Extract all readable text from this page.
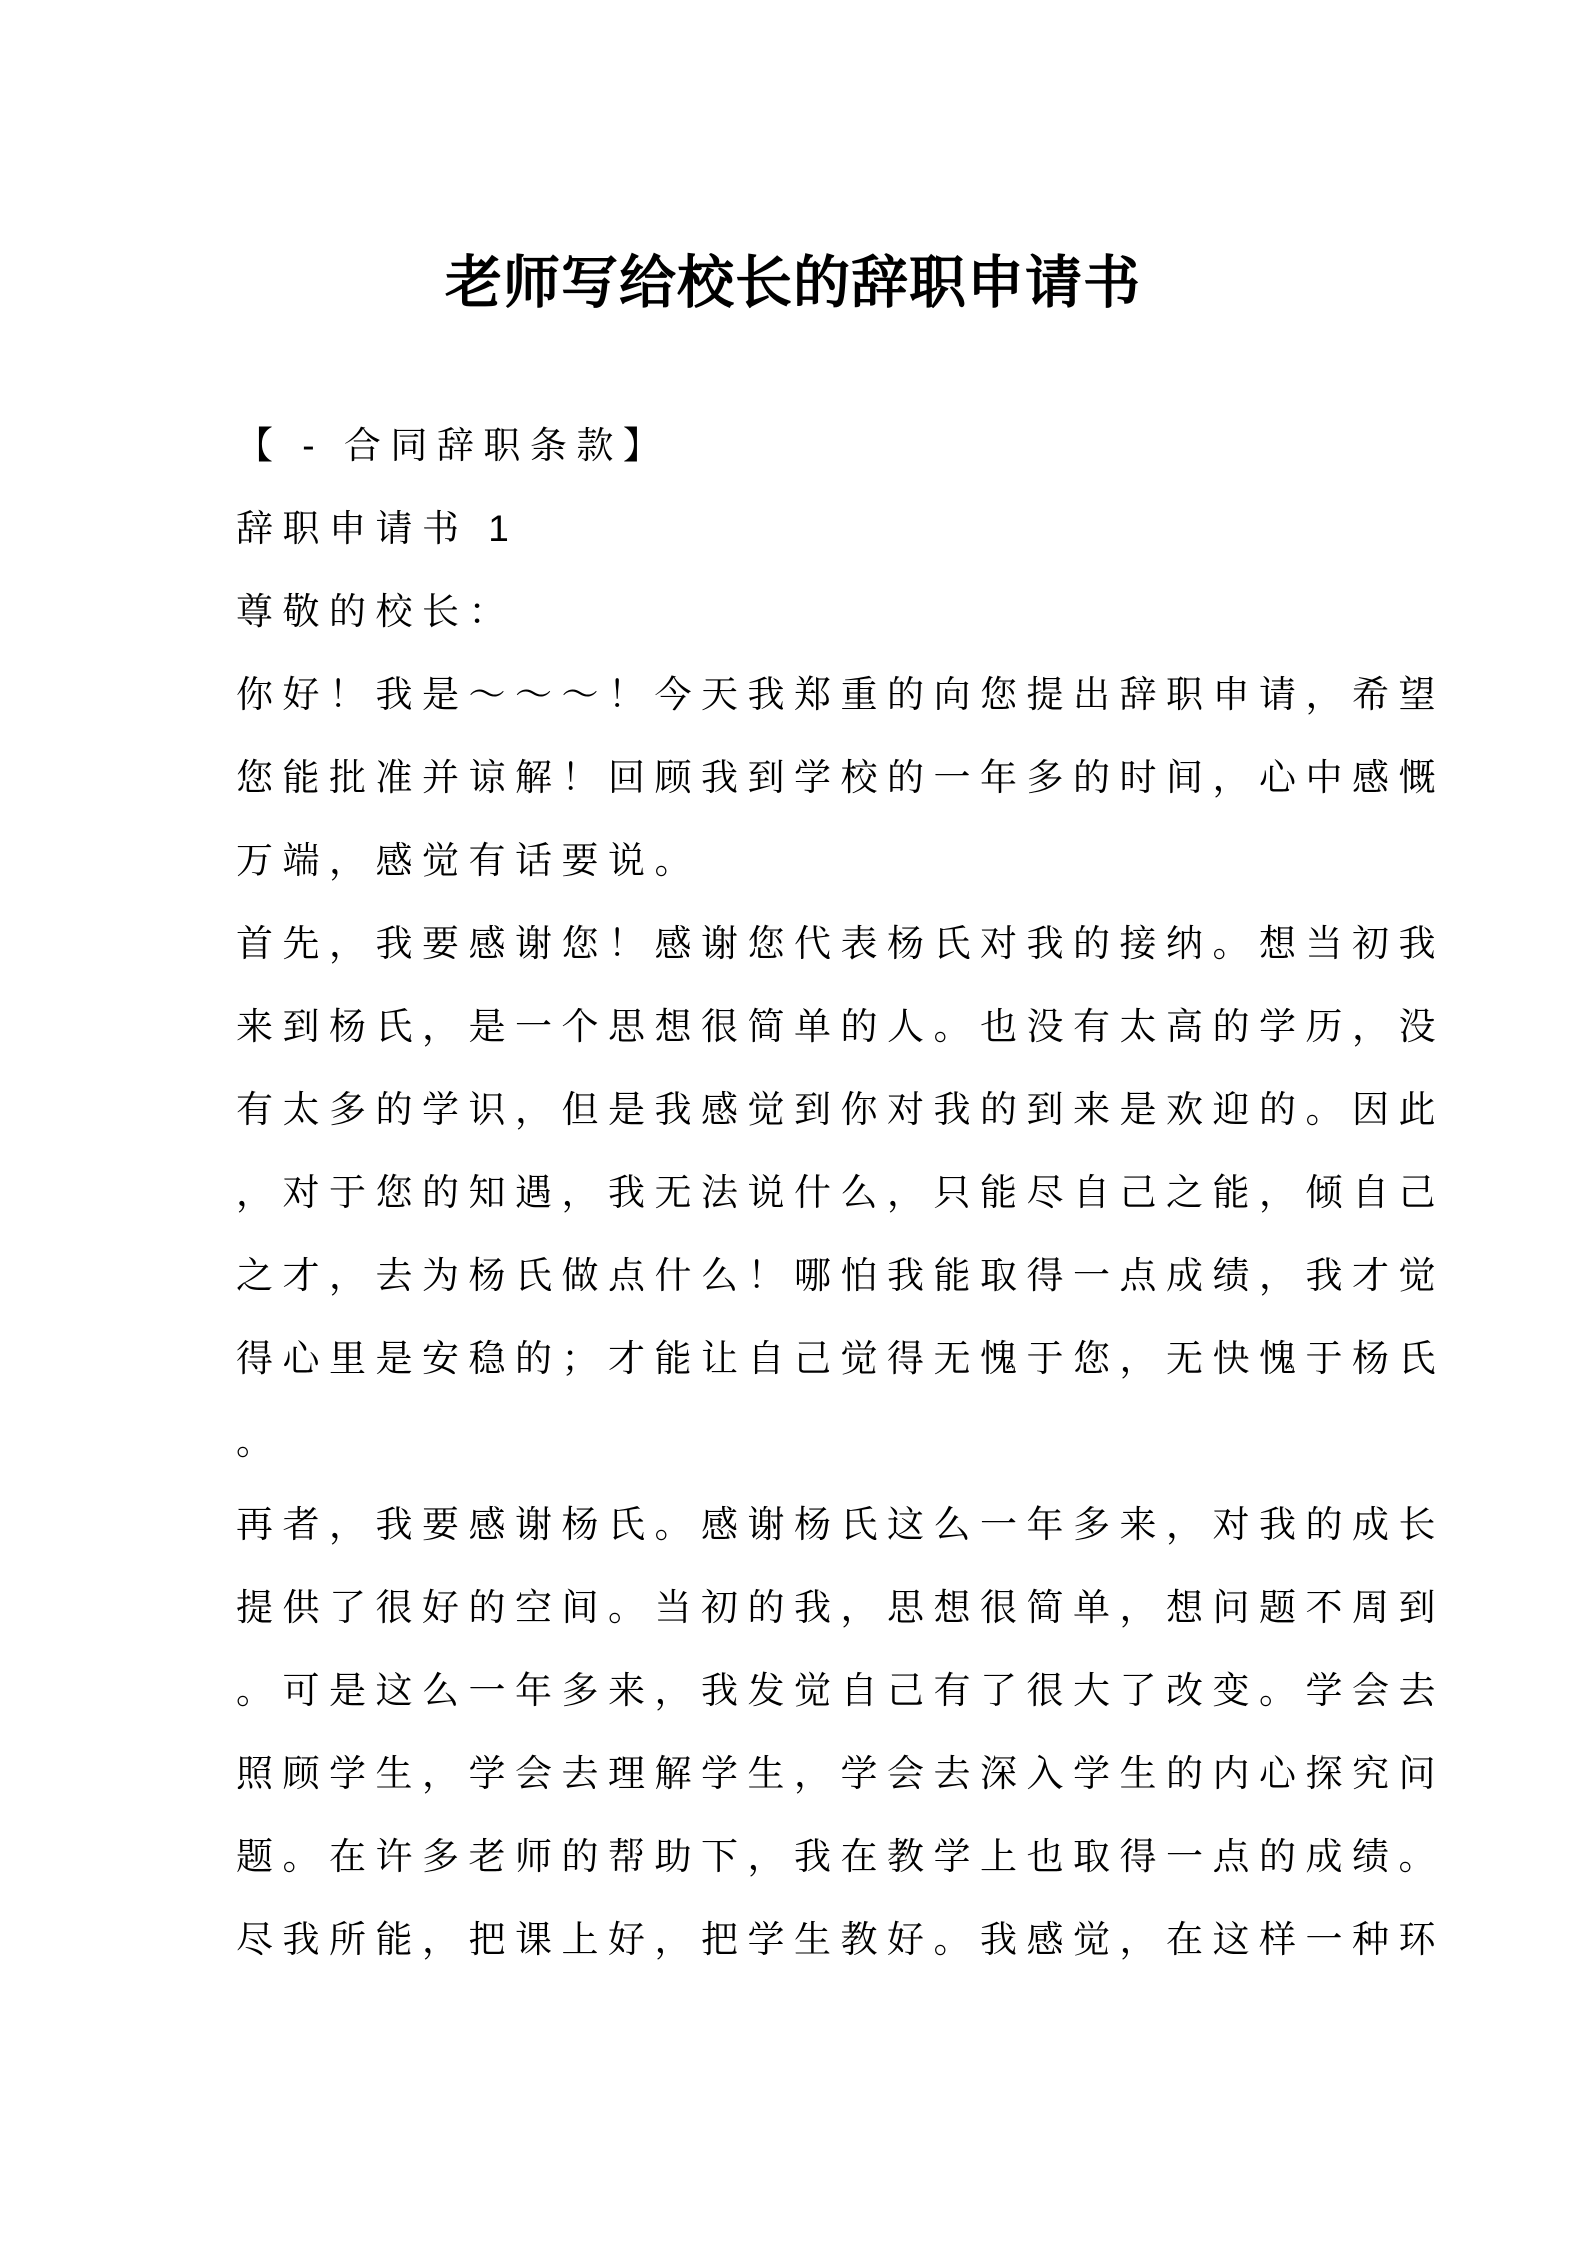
老师写给校长的辞职申请书
【 - 合同辞职条款】
辞职申请书 1
尊敬的校长：
你好！我是～～～！今天我郑重的向您提出辞职申请，希望
您能批准并谅解！回顾我到学校的一年多的时间，心中感慨
万端，感觉有话要说。
首先，我要感谢您！感谢您代表杨氏对我的接纳。想当初我
来到杨氏，是一个思想很简单的人。也没有太高的学历，没
有太多的学识，但是我感觉到你对我的到来是欢迎的。因此
，对于您的知遇，我无法说什么，只能尽自己之能，倾自己
之才，去为杨氏做点什么！哪怕我能取得一点成绩，我才觉
得心里是安稳的；才能让自己觉得无愧于您，无快愧于杨氏
。
再者，我要感谢杨氏。感谢杨氏这么一年多来，对我的成长
提供了很好的空间。当初的我，思想很简单，想问题不周到
。可是这么一年多来，我发觉自己有了很大了改变。学会去
照顾学生，学会去理解学生，学会去深入学生的内心探究问
题。在许多老师的帮助下，我在教学上也取得一点的成绩。
尽我所能，把课上好，把学生教好。我感觉，在这样一种环
